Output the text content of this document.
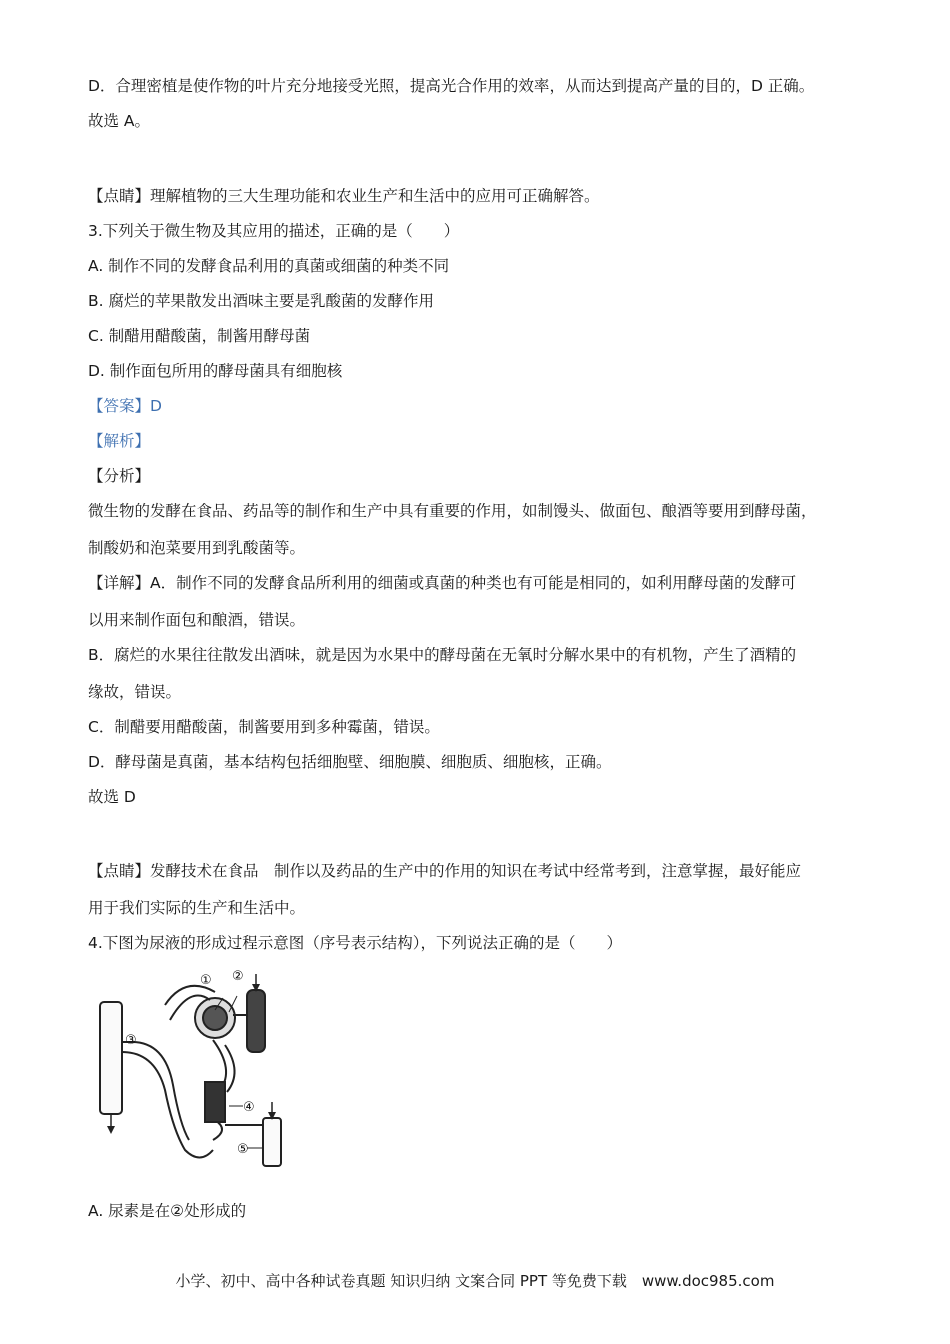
D．合理密植是使作物的叶片充分地接受光照，提高光合作用的效率，从而达到提高产量的目的，D 正确。

故选 A。

【点睛】理解植物的三大生理功能和农业生产和生活中的应用可正确解答。

3.下列关于微生物及其应用的描述，正确的是（　　）

A. 制作不同的发酵食品利用的真菌或细菌的种类不同

B. 腐烂的苹果散发出酒味主要是乳酸菌的发酵作用

C. 制醋用醋酸菌，制酱用酵母菌

D. 制作面包所用的酵母菌具有细胞核

【答案】D

【解析】

【分析】

微生物的发酵在食品、药品等的制作和生产中具有重要的作用，如制馒头、做面包、酿酒等要用到酵母菌，

制酸奶和泡菜要用到乳酸菌等。

【详解】A．制作不同的发酵食品所利用的细菌或真菌的种类也有可能是相同的，如利用酵母菌的发酵可

以用来制作面包和酿酒，错误。

B．腐烂的水果往往散发出酒味，就是因为水果中的酵母菌在无氧时分解水果中的有机物，产生了酒精的

缘故，错误。

C．制醋要用醋酸菌，制酱要用到多种霉菌，错误。

D．酵母菌是真菌，基本结构包括细胞壁、细胞膜、细胞质、细胞核，正确。

故选 D

【点睛】发酵技术在食品　制作以及药品的生产中的作用的知识在考试中经常考到，注意掌握，最好能应

用于我们实际的生产和生活中。

4.下图为尿液的形成过程示意图（序号表示结构），下列说法正确的是（　　）

① ②
③
④
⑤

A. 尿素是在②处形成的

小学、初中、高中各种试卷真题 知识归纳 文案合同 PPT 等免费下载　www.doc985.com
